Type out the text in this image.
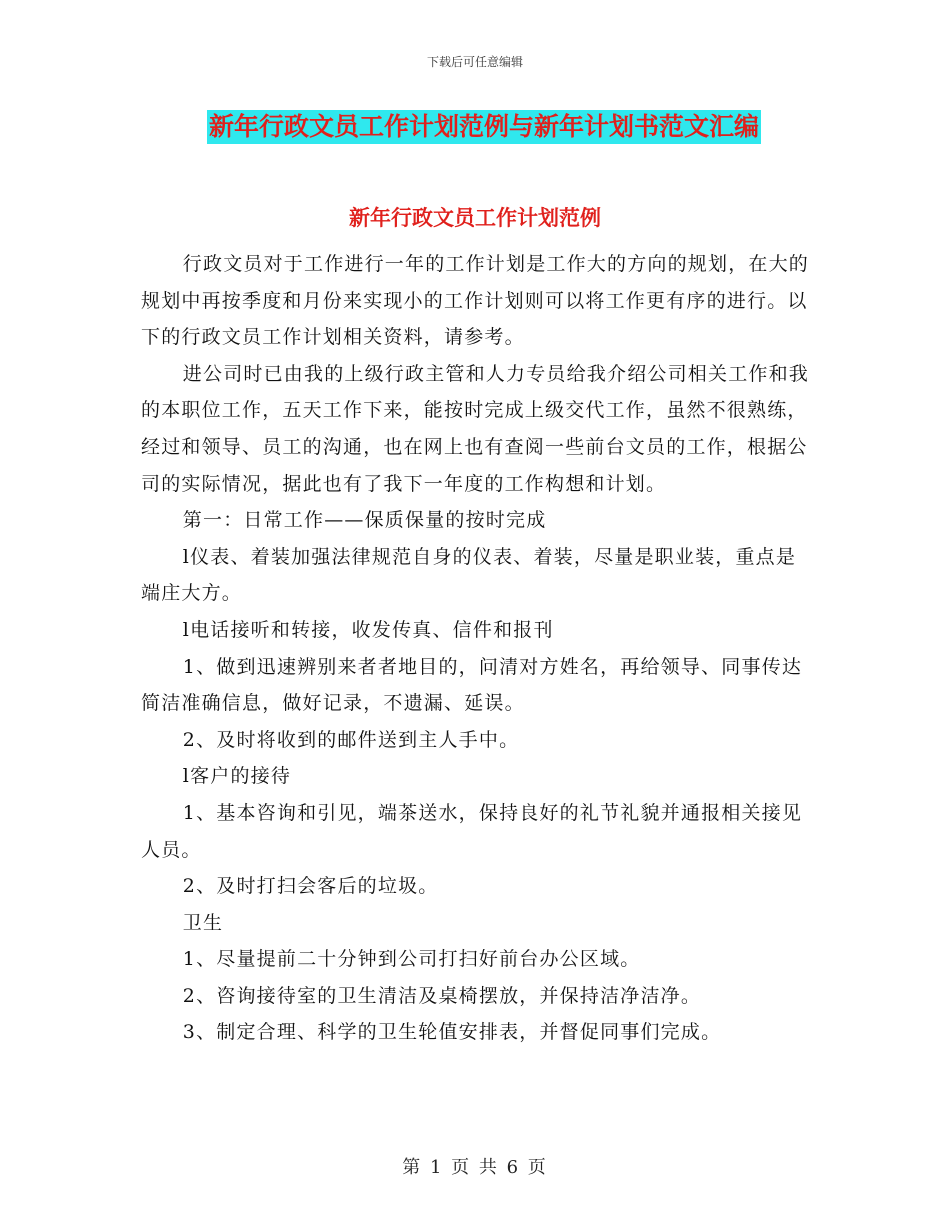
下载后可任意编辑
新年行政文员工作计划范例与新年计划书范文汇编
新年行政文员工作计划范例

行政文员对于工作进行一年的工作计划是工作大的方向的规划，在大的规划中再按季度和月份来实现小的工作计划则可以将工作更有序的进行。以下的行政文员工作计划相关资料，请参考。

进公司时已由我的上级行政主管和人力专员给我介绍公司相关工作和我的本职位工作，五天工作下来，能按时完成上级交代工作，虽然不很熟练，经过和领导、员工的沟通，也在网上也有查阅一些前台文员的工作，根据公司的实际情况，据此也有了我下一年度的工作构想和计划。

第一：日常工作——保质保量的按时完成

l仪表、着装加强法律规范自身的仪表、着装，尽量是职业装，重点是端庄大方。

l电话接听和转接，收发传真、信件和报刊

1、做到迅速辨别来者者地目的，问清对方姓名，再给领导、同事传达简洁准确信息，做好记录，不遗漏、延误。

2、及时将收到的邮件送到主人手中。

l客户的接待

1、基本咨询和引见，端茶送水，保持良好的礼节礼貌并通报相关接见人员。

2、及时打扫会客后的垃圾。

卫生

1、尽量提前二十分钟到公司打扫好前台办公区域。

2、咨询接待室的卫生清洁及桌椅摆放，并保持洁净洁净。

3、制定合理、科学的卫生轮值安排表，并督促同事们完成。

第 1 页 共 6 页
